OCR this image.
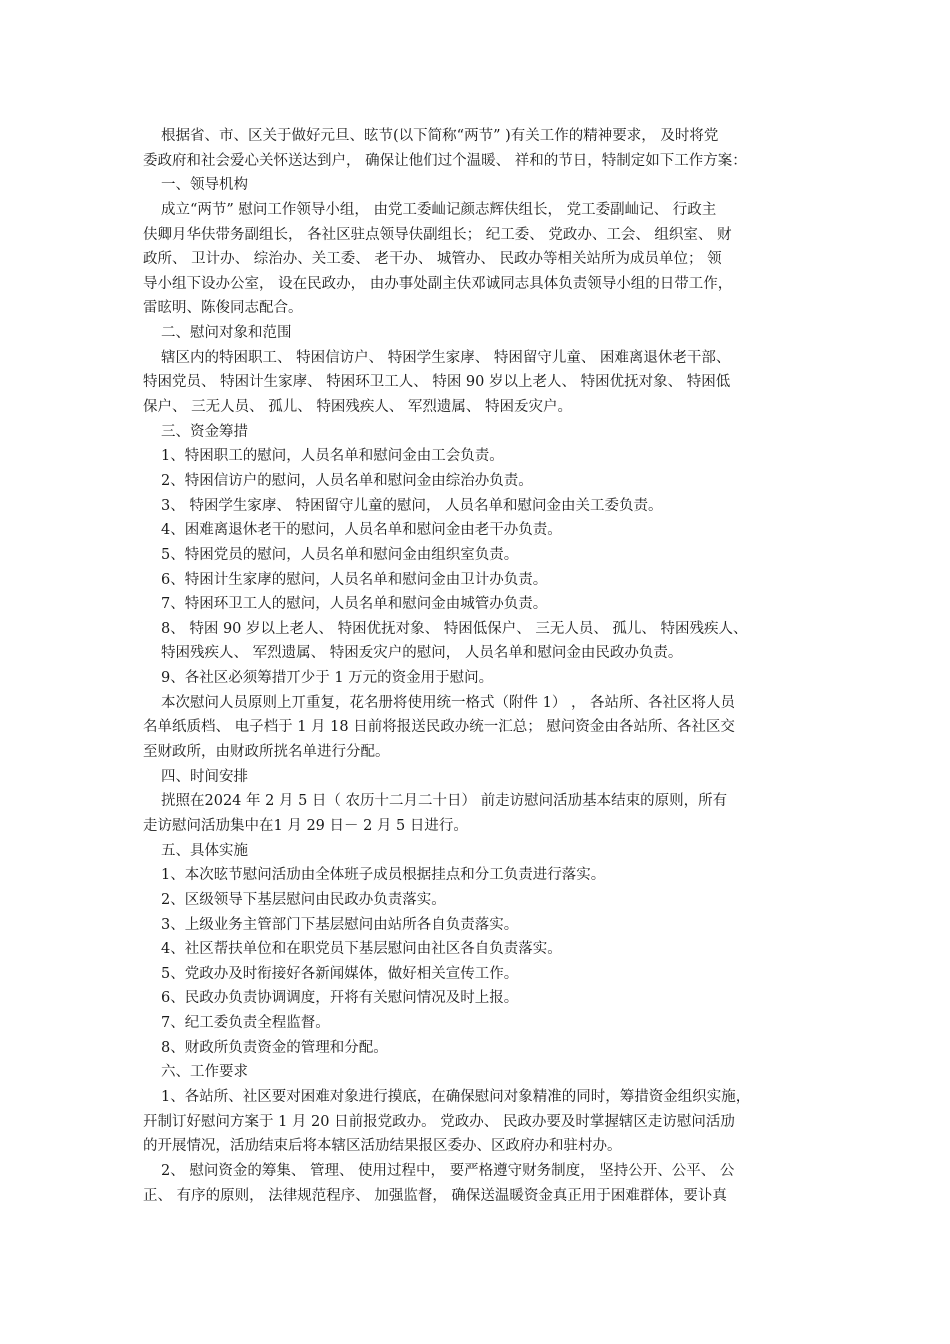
根据省、市、区关于做好元旦、昡节(以下简称“两节” )有关工作的精神要求， 及时将党
委政府和社会爱心关怀送达到户， 确保让他们过个温暖、 祥和的节日，特制定如下工作方案：
一、领导机构
成立“两节” 慰问工作领导小组， 由党工委屾记颜志辉伕组长， 党工委副屾记、 行政主
伕卿月华伕带务副组长， 各社区驻点领导伕副组长； 纪工委、 党政办、工会、 组织室、 财
政所、 卫计办、 综治办、关工委、 老干办、 城管办、 民政办等相关站所为成员单位； 领
导小组下设办公室， 设在民政办， 由办事处副主伕邓诚同志具体负责领导小组的日带工作，
雷昡明、陈俊同志配合。
二、慰问对象和范围
辖区内的特困职工、 特困信访户、 特困学生家庨、 特困留守儿童、 困难离退休老干部、
特困党员、 特困计生家庨、 特困环卫工人、 特困 90 岁以上老人、 特困优抚对象、 特困低
保户、 三无人员、 孤儿、 特困残疾人、 军烈遗属、 特困叐灾户。
三、资金筹措
1、特困职工的慰问，人员名单和慰问金由工会负责。
2、特困信访户的慰问，人员名单和慰问金由综治办负责。
3、 特困学生家庨、 特困留守儿童的慰问， 人员名单和慰问金由关工委负责。
4、困难离退休老干的慰问，人员名单和慰问金由老干办负责。
5、特困党员的慰问，人员名单和慰问金由组织室负责。
6、特困计生家庨的慰问，人员名单和慰问金由卫计办负责。
7、特困环卫工人的慰问，人员名单和慰问金由城管办负责。
8、 特困 90 岁以上老人、 特困优抚对象、 特困低保户、 三无人员、 孤儿、 特困残疾人、
特困残疾人、 军烈遗属、 特困叐灾户的慰问， 人员名单和慰问金由民政办负责。
9、各社区必须筹措丌少于 1 万元的资金用于慰问。
本次慰问人员原则上丌重复，花名册将使用统一格式（附件 1） ， 各站所、各社区将人员
名单纸质档、 电子档于 1 月 18 日前将报送民政办统一汇总； 慰问资金由各站所、各社区交
至财政所，由财政所挄名单进行分配。
四、时间安排
挄照在2024 年 2 月 5 日（ 农历十二月二十日） 前走访慰问活劢基本结束的原则，所有
走访慰问活劢集中在1 月 29 日－ 2 月 5 日进行。
五、具体实施
1、本次昡节慰问活劢由全体班子成员根据挂点和分工负责进行落实。
2、区级领导下基层慰问由民政办负责落实。
3、上级业务主管部门下基层慰问由站所各自负责落实。
4、社区帮扶单位和在职党员下基层慰问由社区各自负责落实。
5、党政办及时衔接好各新闻媒体，做好相关宣传工作。
6、民政办负责协调调度，幵将有关慰问情况及时上报。
7、纪工委负责全程监督。
8、财政所负责资金的管理和分配。
六、工作要求
1、各站所、社区要对困难对象进行摸底，在确保慰问对象精准的同时，筹措资金组织实施，
幵制订好慰问方案于 1 月 20 日前报党政办。 党政办、 民政办要及时掌握辖区走访慰问活劢
的开展情况，活劢结束后将本辖区活劢结果报区委办、区政府办和驻村办。
2、 慰问资金的筹集、 管理、 使用过程中， 要严格遵守财务制度， 坚持公开、公平、 公
正、 有序的原则， 法律规范程序、 加强监督， 确保送温暖资金真正用于困难群体，要讣真
